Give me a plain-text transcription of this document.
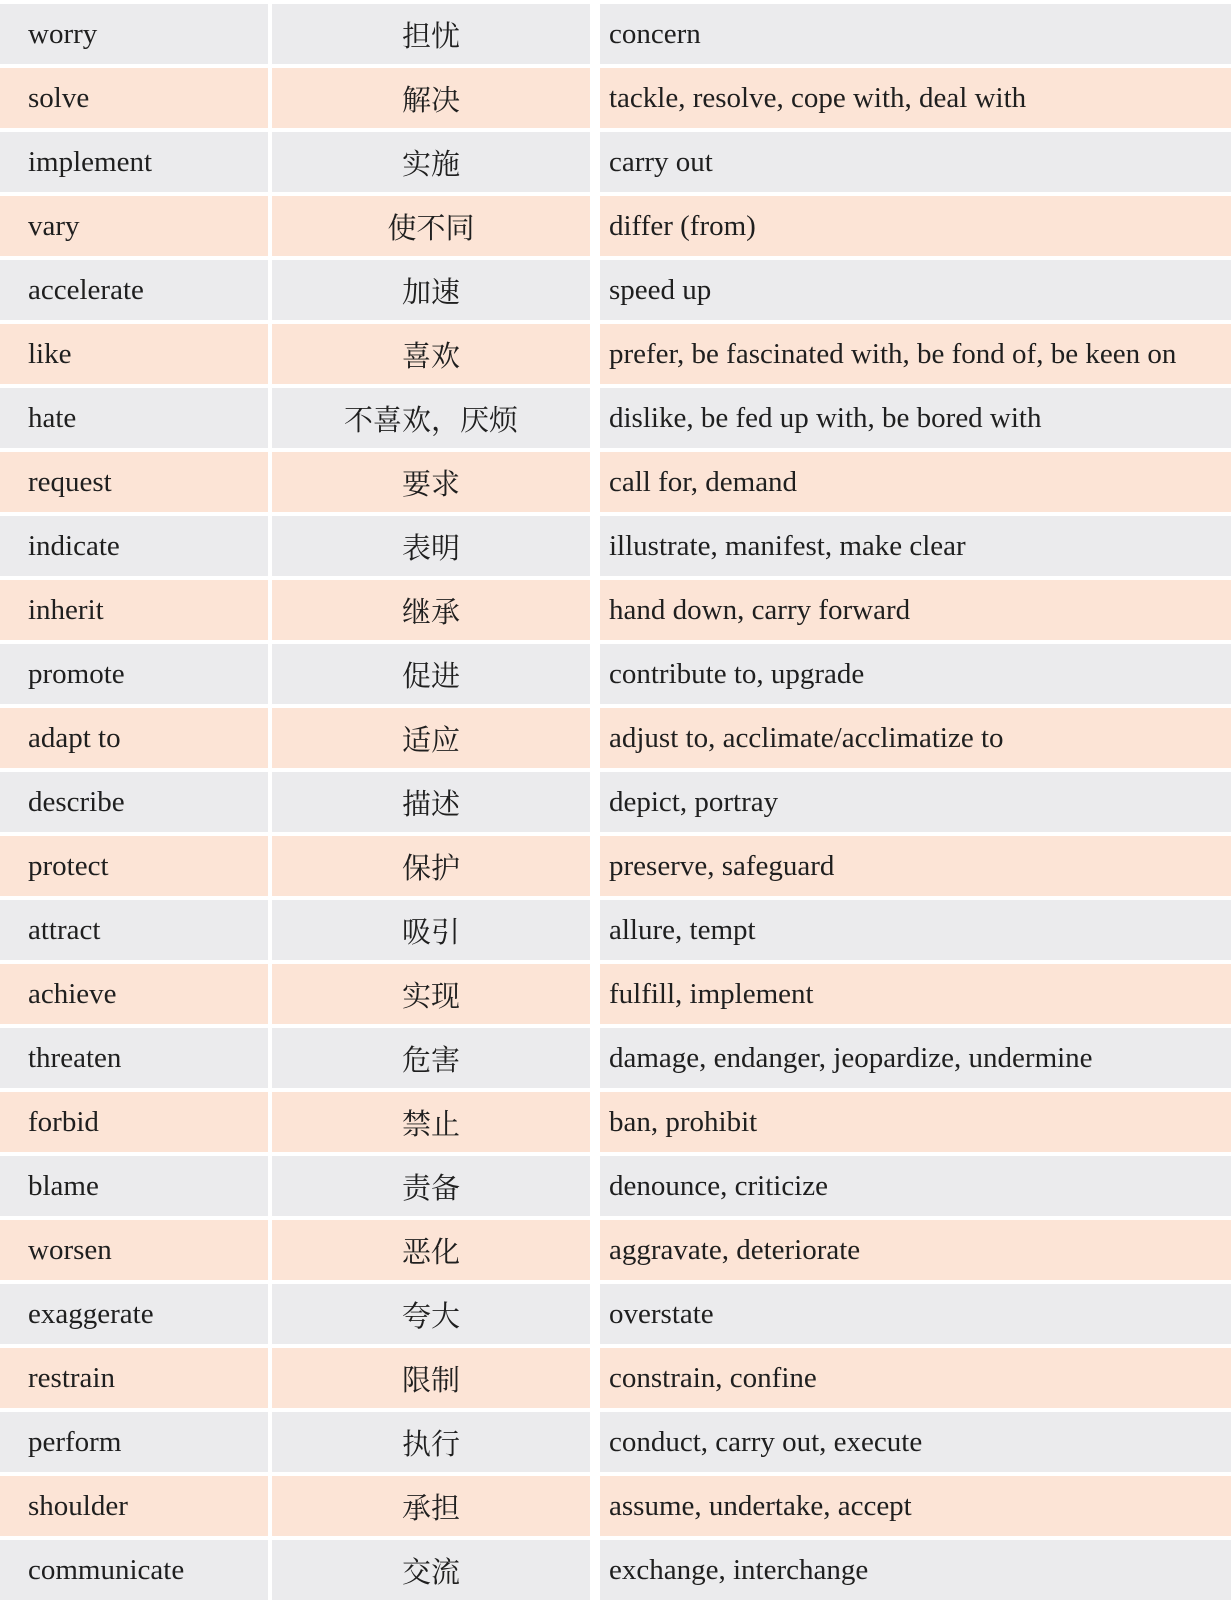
worry	担忧	concern
solve	解决	tackle, resolve, cope with, deal with
implement	实施	carry out
vary	使不同	differ (from)
accelerate	加速	speed up
like	喜欢	prefer, be fascinated with, be fond of, be keen on
hate	不喜欢，厌烦	dislike, be fed up with, be bored with
request	要求	call for, demand
indicate	表明	illustrate, manifest, make clear
inherit	继承	hand down, carry forward
promote	促进	contribute to, upgrade
adapt to	适应	adjust to, acclimate/acclimatize to
describe	描述	depict, portray
protect	保护	preserve, safeguard
attract	吸引	allure, tempt
achieve	实现	fulfill, implement
threaten	危害	damage, endanger, jeopardize, undermine
forbid	禁止	ban, prohibit
blame	责备	denounce, criticize
worsen	恶化	aggravate, deteriorate
exaggerate	夸大	overstate
restrain	限制	constrain, confine
perform	执行	conduct, carry out, execute
shoulder	承担	assume, undertake, accept
communicate	交流	exchange, interchange
